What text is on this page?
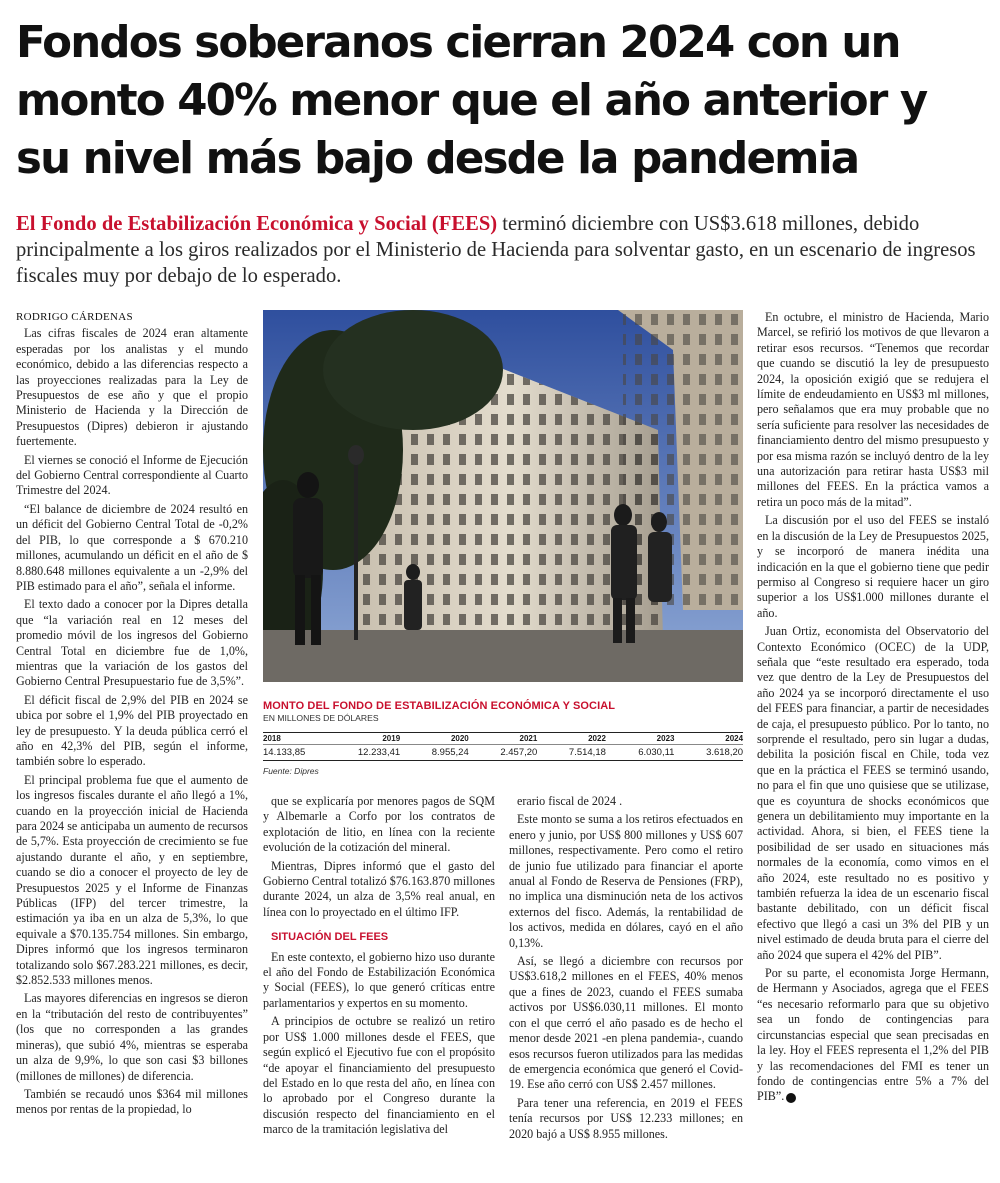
Fondos soberanos cierran 2024 con un
monto 40% menor que el año anterior y
su nivel más bajo desde la pandemia
El Fondo de Estabilización Económica y Social (FEES) terminó diciembre con US$3.618 millones, debido principalmente a los giros realizados por el Ministerio de Hacienda para solventar gasto, en un escenario de ingresos fiscales muy por debajo de lo esperado.
RODRIGO CÁRDENAS

Las cifras fiscales de 2024 eran altamente esperadas por los analistas y el mundo económico, debido a las diferencias respecto a las proyecciones realizadas para la Ley de Presupuestos de ese año y que el propio Ministerio de Hacienda y la Dirección de Presupuestos (Dipres) debieron ir ajustando fuertemente.

El viernes se conoció el Informe de Ejecución del Gobierno Central correspondiente al Cuarto Trimestre del 2024.

“El balance de diciembre de 2024 resultó en un déficit del Gobierno Central Total de -0,2% del PIB, lo que corresponde a $ 670.210 millones, acumulando un déficit en el año de $ 8.880.648 millones equivalente a un -2,9% del PIB estimado para el año”, señala el informe.

El texto dado a conocer por la Dipres detalla que “la variación real en 12 meses del promedio móvil de los ingresos del Gobierno Central Total en diciembre fue de 1,0%, mientras que la variación de los gastos del Gobierno Central Presupuestario fue de 3,5%”.

El déficit fiscal de 2,9% del PIB en 2024 se ubica por sobre el 1,9% del PIB proyectado en ley de presupuesto. Y la deuda pública cerró el año en 42,3% del PIB, según el informe, también sobre lo esperado.

El principal problema fue que el aumento de los ingresos fiscales durante el año llegó a 1%, cuando en la proyección inicial de Hacienda para 2024 se anticipaba un aumento de recursos de 5,7%. Esta proyección de crecimiento se fue ajustando durante el año, y en septiembre, cuando se dio a conocer el proyecto de ley de Presupuestos 2025 y el Informe de Finanzas Públicas (IFP) del tercer trimestre, la estimación ya iba en un alza de 5,3%, lo que equivale a $70.135.754 millones. Sin embargo, Dipres informó que los ingresos terminaron totalizando solo $67.283.221 millones, es decir, $2.852.533 millones menos.

Las mayores diferencias en ingresos se dieron en la “tributación del resto de contribuyentes” (los que no corresponden a las grandes mineras), que subió 4%, mientras se esperaba un alza de 9,9%, lo que son casi $3 billones (millones de millones) de diferencia.

También se recaudó unos $364 mil millones menos por rentas de la propiedad, lo

MONTO DEL FONDO DE ESTABILIZACIÓN ECONÓMICA Y SOCIAL
EN MILLONES DE DÓLARES
2018	2019	2020	2021	2022	2023	2024
14.133,85	12.233,41	8.955,24	2.457,20	7.514,18	6.030,11	3.618,20
Fuente: Dipres

que se explicaría por menores pagos de SQM y Albemarle a Corfo por los contratos de explotación de litio, en línea con la reciente evolución de la cotización del mineral.

Mientras, Dipres informó que el gasto del Gobierno Central totalizó $76.163.870 millones durante 2024, un alza de 3,5% real anual, en línea con lo proyectado en el último IFP.

SITUACIÓN DEL FEES

En este contexto, el gobierno hizo uso durante el año del Fondo de Estabilización Económica y Social (FEES), lo que generó críticas entre parlamentarios y expertos en su momento.

A principios de octubre se realizó un retiro por US$ 1.000 millones desde el FEES, que según explicó el Ejecutivo fue con el propósito “de apoyar el financiamiento del presupuesto del Estado en lo que resta del año, en línea con lo aprobado por el Congreso durante la discusión respecto del financiamiento en el marco de la tramitación legislativa del

erario fiscal de 2024 .

Este monto se suma a los retiros efectuados en enero y junio, por US$ 800 millones y US$ 607 millones, respectivamente. Pero como el retiro de junio fue utilizado para financiar el aporte anual al Fondo de Reserva de Pensiones (FRP), no implica una disminución neta de los activos externos del fisco. Además, la rentabilidad de los activos, medida en dólares, cayó en el año 0,13%.

Así, se llegó a diciembre con recursos por US$3.618,2 millones en el FEES, 40% menos que a fines de 2023, cuando el FEES sumaba activos por US$6.030,11 millones. El monto con el que cerró el año pasado es de hecho el menor desde 2021 -en plena pandemia-, cuando esos recursos fueron utilizados para las medidas de emergencia económica que generó el Covid-19. Ese año cerró con US$ 2.457 millones.

Para tener una referencia, en 2019 el FEES tenía recursos por US$ 12.233 millones; en 2020 bajó a US$ 8.955 millones.

En octubre, el ministro de Hacienda, Mario Marcel, se refirió los motivos de que llevaron a retirar esos recursos. “Tenemos que recordar que cuando se discutió la ley de presupuesto 2024, la oposición exigió que se redujera el límite de endeudamiento en US$3 ml millones, pero señalamos que era muy probable que no sería suficiente para resolver las necesidades de financiamiento dentro del mismo presupuesto y por esa misma razón se incluyó dentro de la ley una autorización para retirar hasta US$3 mil millones del FEES. En la práctica vamos a retira un poco más de la mitad”.

La discusión por el uso del FEES se instaló en la discusión de la Ley de Presupuestos 2025, y se incorporó de manera inédita una indicación en la que el gobierno tiene que pedir permiso al Congreso si requiere hacer un giro superior a los US$1.000 millones durante el año.

Juan Ortiz, economista del Observatorio del Contexto Económico (OCEC) de la UDP, señala que “este resultado era esperado, toda vez que dentro de la Ley de Presupuestos del año 2024 ya se incorporó directamente el uso del FEES para financiar, a partir de necesidades de caja, el presupuesto público. Por lo tanto, no sorprende el resultado, pero sin lugar a dudas, debilita la posición fiscal en Chile, toda vez que en la práctica el FEES se terminó usando, no para el fin que uno quisiese que se utilizase, que es coyuntura de shocks económicos que genera un debilitamiento muy importante en la actividad. Ahora, si bien, el FEES tiene la posibilidad de ser usado en situaciones más normales de la economía, como vimos en el año 2024, este resultado no es positivo y también refuerza la idea de un escenario fiscal bastante debilitado, con un déficit fiscal efectivo que llegó a casi un 3% del PIB y un nivel estimado de deuda bruta para el cierre del año 2024 que supera el 42% del PIB”.

Por su parte, el economista Jorge Hermann, de Hermann y Asociados, agrega que el FEES “es necesario reformarlo para que su objetivo sea un fondo de contingencias para circunstancias especial que sean precisadas en la ley. Hoy el FEES representa el 1,2% del PIB y las recomendaciones del FMI es tener un fondo de contingencias entre 5% a 7% del PIB”.
